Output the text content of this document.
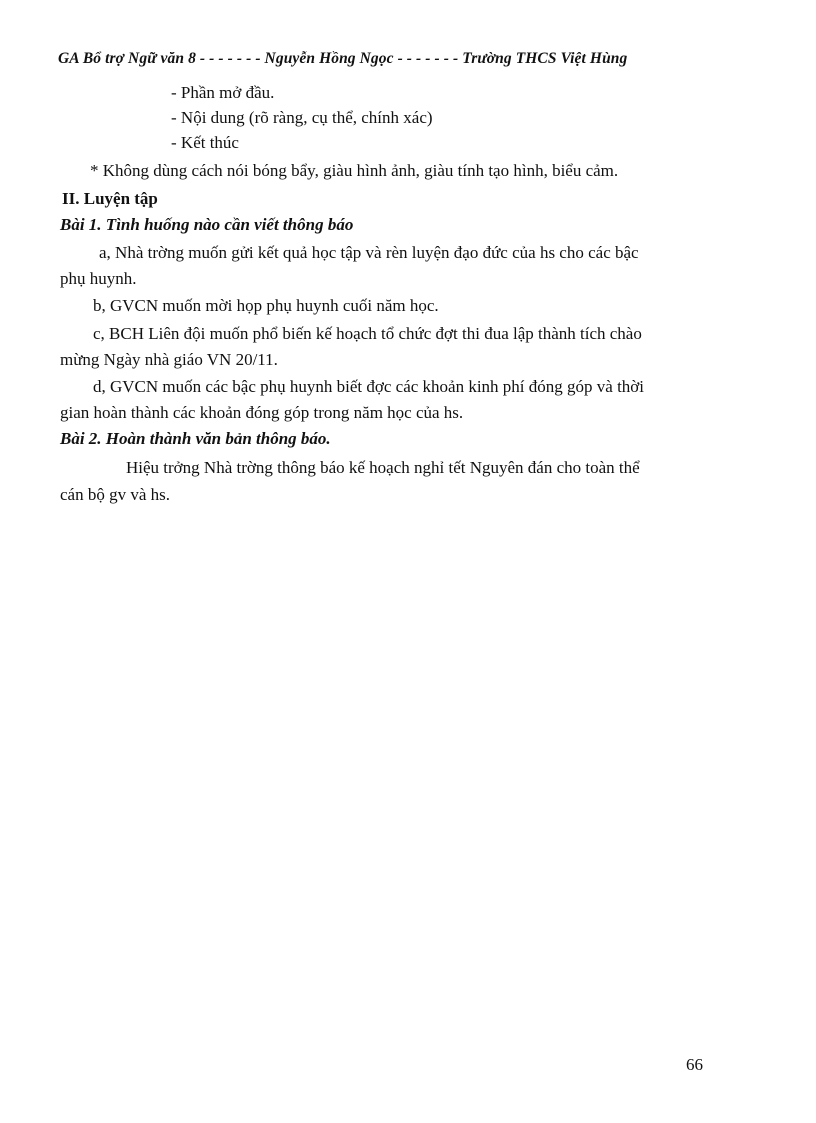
GA Bổ trợ Ngữ văn 8 - - - - - - - Nguyễn Hồng Ngọc - - - - - - - Trường THCS Việt Hùng
- Phần mở đầu.
- Nội dung (rõ ràng, cụ thể, chính xác)
- Kết thúc
* Không dùng cách nói bóng bẩy, giàu hình ảnh, giàu tính tạo hình, biểu cảm.
II. Luyện tập
Bài 1. Tình huống nào cần viết thông báo
a, Nhà trờng muốn gửi kết quả học tập và rèn luyện đạo đức của hs cho các bậc
phụ huynh.
b, GVCN muốn mời họp phụ huynh cuối năm học.
c, BCH Liên đội muốn phổ biến kế hoạch tổ chức đợt thi đua lập thành tích chào
mừng Ngày nhà giáo VN 20/11.
d, GVCN muốn các bậc phụ huynh biết đợc các khoản kinh phí đóng góp và thời
gian hoàn thành các khoản đóng góp trong năm học của hs.
Bài 2. Hoàn thành văn bản thông báo.
Hiệu trởng Nhà trờng thông báo kế hoạch nghỉ tết Nguyên đán cho toàn thể
cán bộ gv và hs.
66
